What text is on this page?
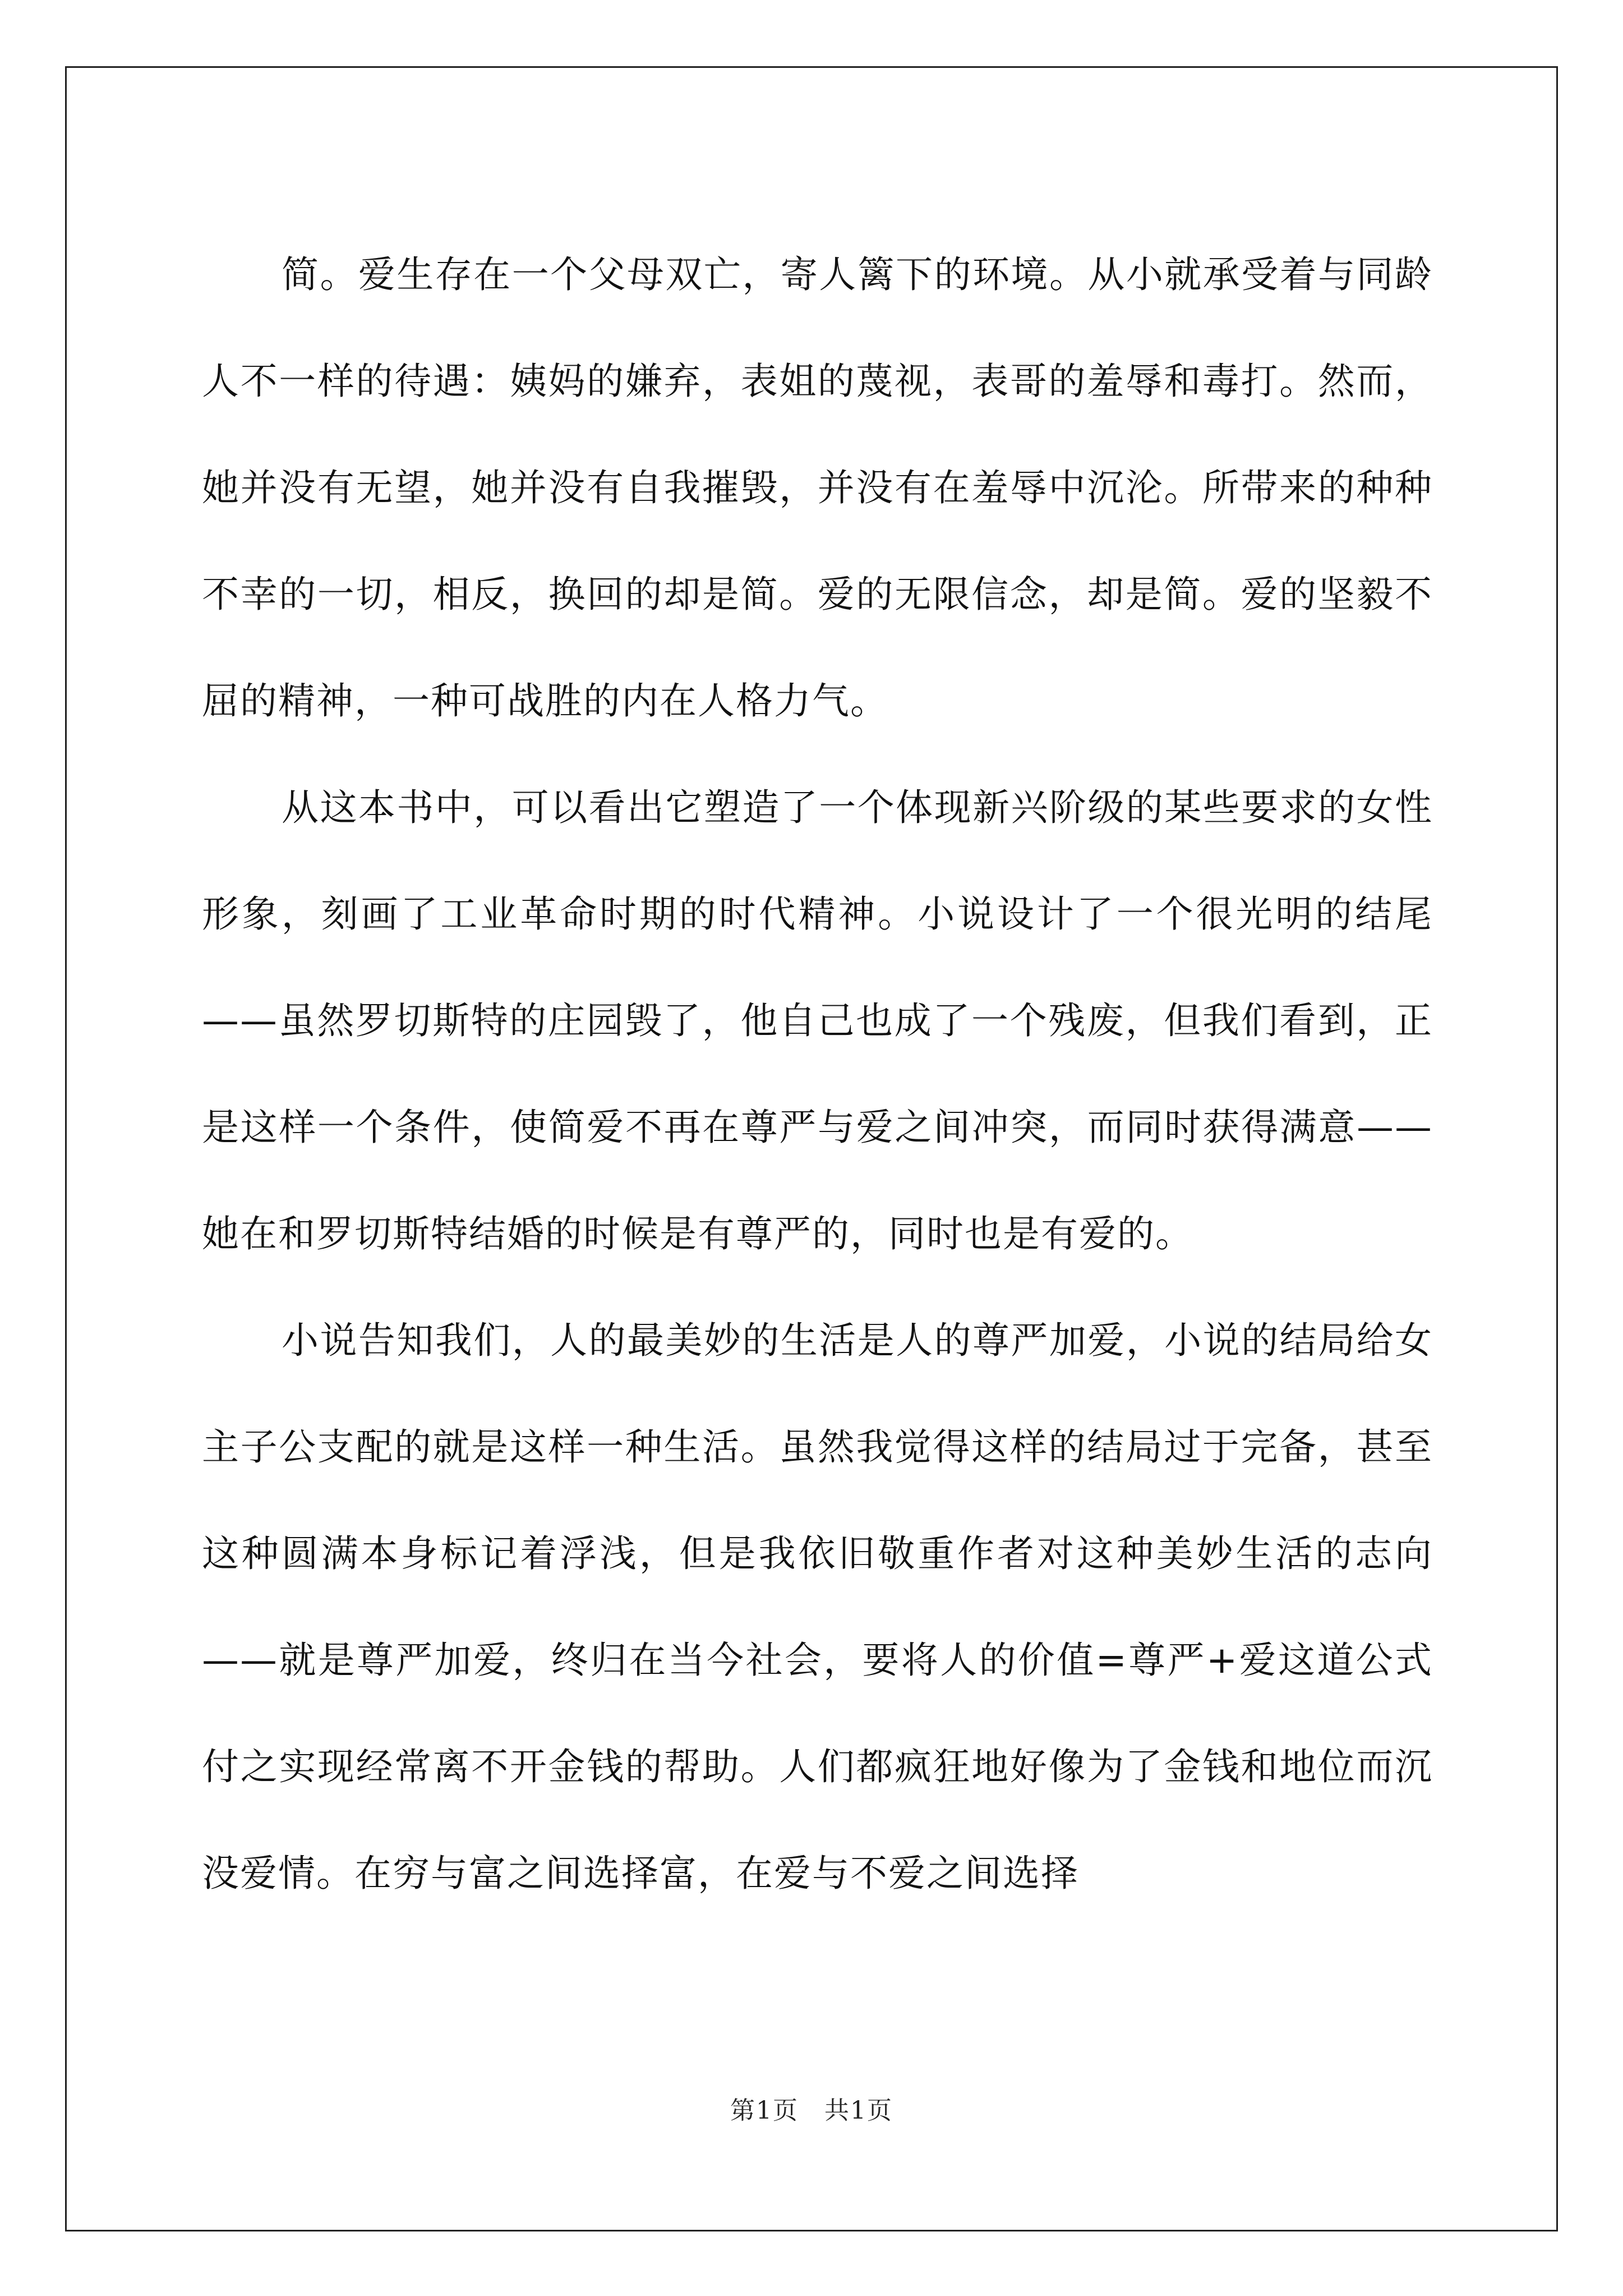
简。爱生存在一个父母双亡，寄人篱下的环境。从小就承受着与同龄人不一样的待遇：姨妈的嫌弃，表姐的蔑视，表哥的羞辱和毒打。然而，她并没有无望，她并没有自我摧毁，并没有在羞辱中沉沦。所带来的种种不幸的一切，相反，换回的却是简。爱的无限信念，却是简。爱的坚毅不屈的精神，一种可战胜的内在人格力气。

从这本书中，可以看出它塑造了一个体现新兴阶级的某些要求的女性形象，刻画了工业革命时期的时代精神。小说设计了一个很光明的结尾——虽然罗切斯特的庄园毁了，他自己也成了一个残废，但我们看到，正是这样一个条件，使简爱不再在尊严与爱之间冲突，而同时获得满意——她在和罗切斯特结婚的时候是有尊严的，同时也是有爱的。

小说告知我们，人的最美妙的生活是人的尊严加爱，小说的结局给女主子公支配的就是这样一种生活。虽然我觉得这样的结局过于完备，甚至这种圆满本身标记着浮浅，但是我依旧敬重作者对这种美妙生活的志向——就是尊严加爱，终归在当今社会，要将人的价值=尊严+爱这道公式付之实现经常离不开金钱的帮助。人们都疯狂地好像为了金钱和地位而沉没爱情。在穷与富之间选择富，在爱与不爱之间选择

第1页　共1页
